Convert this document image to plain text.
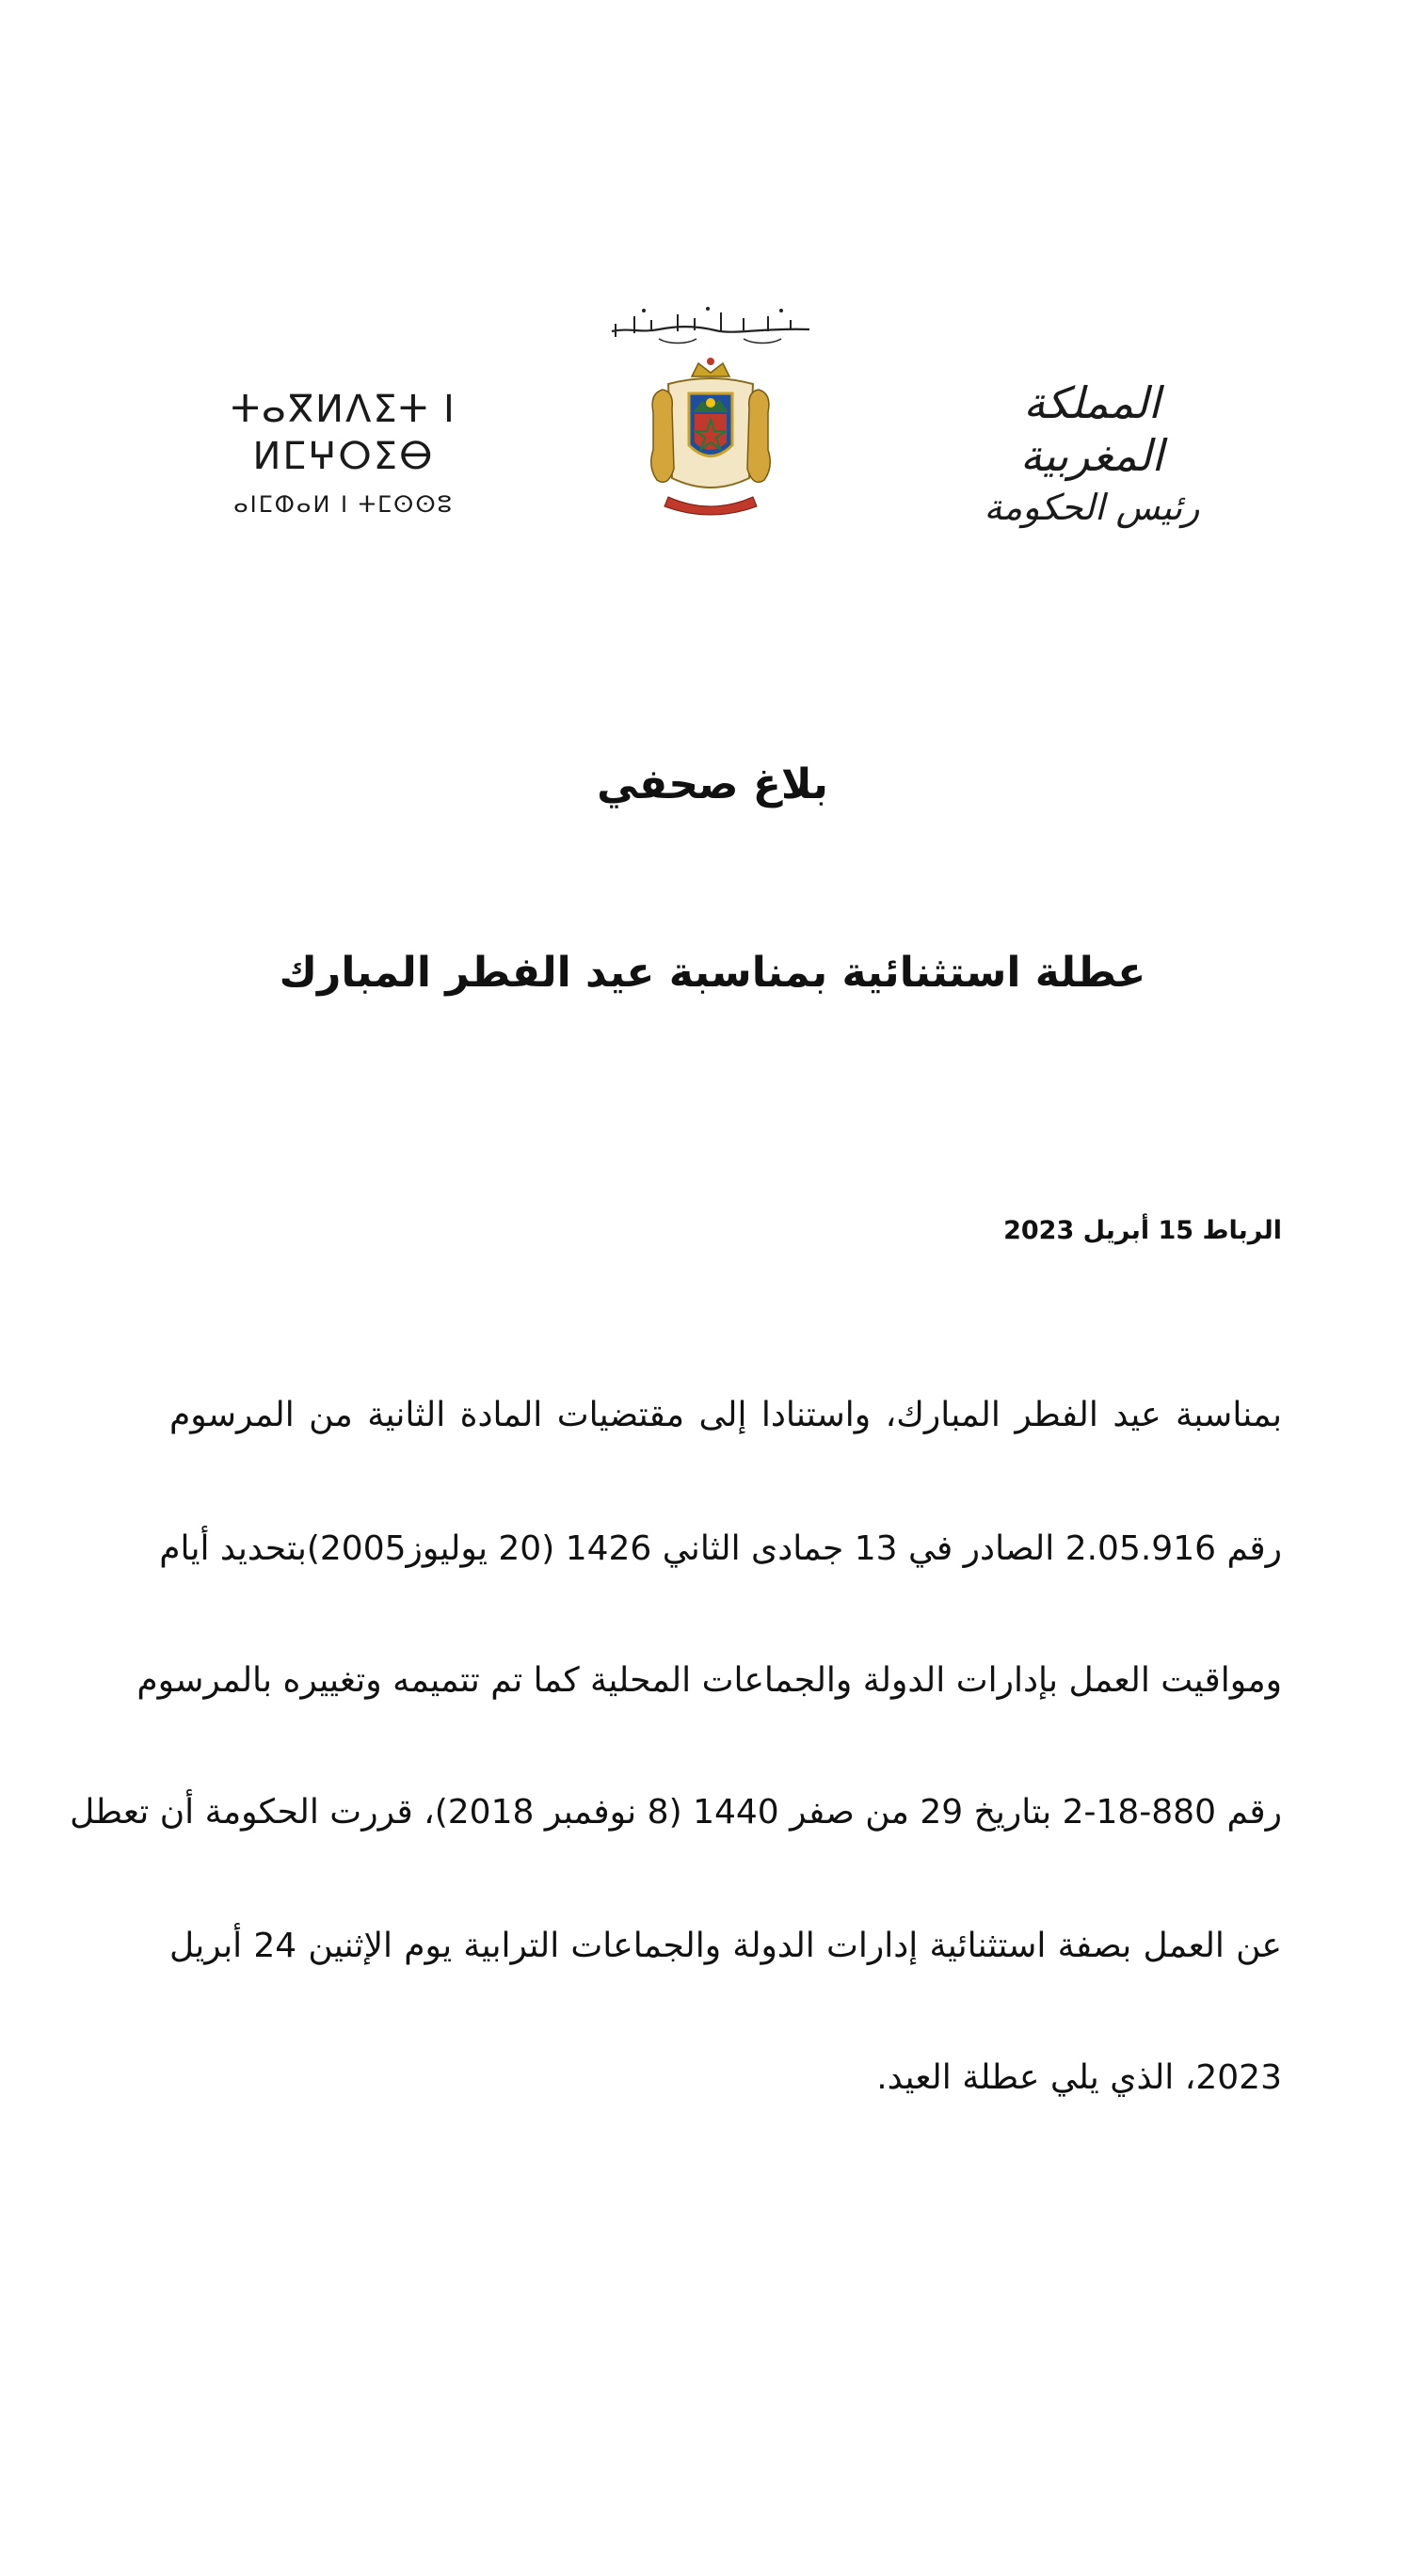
ⵜⴰⴳⵍⴷⵉⵜ ⵏ ⵍⵎⵖⵔⵉⴱ
ⴰⵏⵎⵀⴰⵍ ⵏ ⵜⵎⵙⵙⵓ
المملكة المغربية
رئيس الحكومة
بلاغ صحفي
عطلة استثنائية بمناسبة عيد الفطر المبارك
الرباط 15 أبريل 2023
بمناسبة عيد الفطر المبارك، واستنادا إلى مقتضيات المادة الثانية من المرسوم
رقم 2.05.916 الصادر في 13 جمادى الثاني 1426 (20 يوليوز2005)بتحديد أيام
ومواقيت العمل بإدارات الدولة والجماعات المحلية كما تم تتميمه وتغييره بالمرسوم
رقم 880-18-2 بتاريخ 29 من صفر 1440 (8 نوفمبر 2018)، قررت الحكومة أن تعطل
عن العمل بصفة استثنائية إدارات الدولة والجماعات الترابية يوم الإثنين 24 أبريل
2023، الذي يلي عطلة العيد.
